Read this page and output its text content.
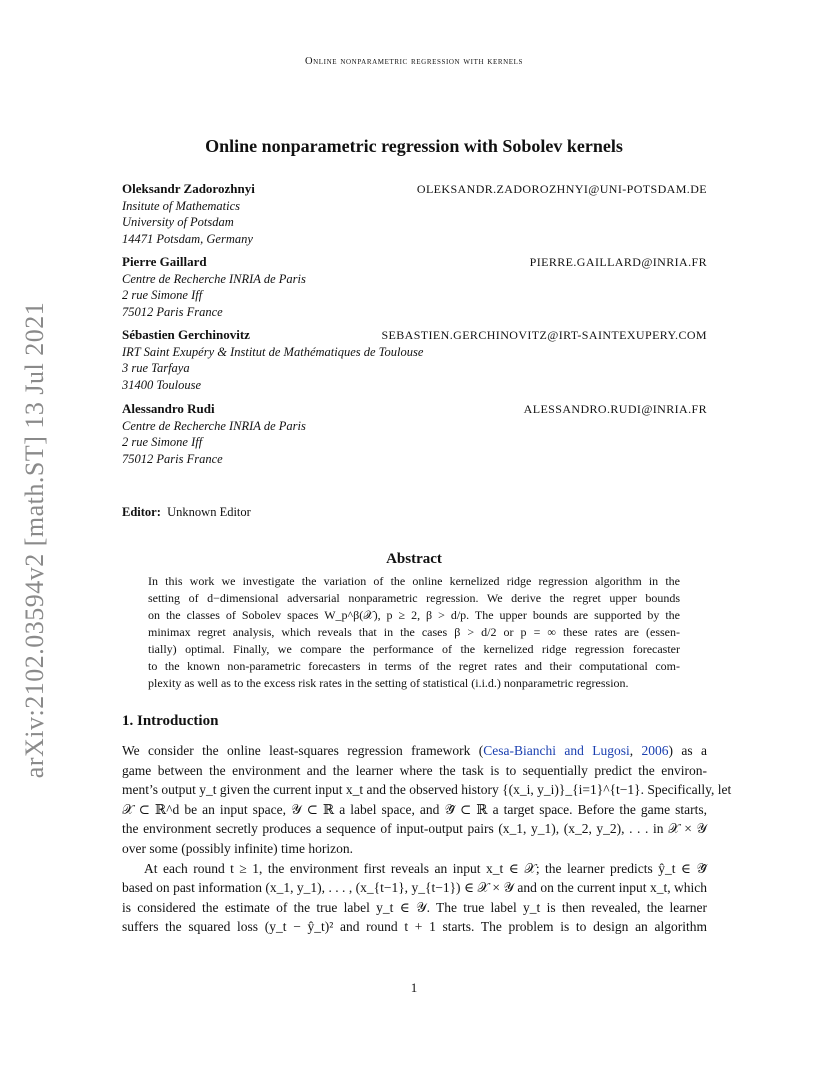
Online nonparametric regression with kernels
arXiv:2102.03594v2 [math.ST] 13 Jul 2021
Online nonparametric regression with Sobolev kernels
Oleksandr Zadorozhnyi	OLEKSANDR.ZADOROZHNYI@UNI-POTSDAM.DE
Insitute of Mathematics
University of Potsdam
14471 Potsdam, Germany
Pierre Gaillard	PIERRE.GAILLARD@INRIA.FR
Centre de Recherche INRIA de Paris
2 rue Simone Iff
75012 Paris France
Sébastien Gerchinovitz	SEBASTIEN.GERCHINOVITZ@IRT-SAINTEXUPERY.COM
IRT Saint Exupéry & Institut de Mathématiques de Toulouse
3 rue Tarfaya
31400 Toulouse
Alessandro Rudi	ALESSANDRO.RUDI@INRIA.FR
Centre de Recherche INRIA de Paris
2 rue Simone Iff
75012 Paris France
Editor: Unknown Editor
Abstract
In this work we investigate the variation of the online kernelized ridge regression algorithm in the
setting of d−dimensional adversarial nonparametric regression. We derive the regret upper bounds
on the classes of Sobolev spaces W_p^β(𝒳), p ≥ 2, β > d/p. The upper bounds are supported by the
minimax regret analysis, which reveals that in the cases β > d/2 or p = ∞ these rates are (essen-
tially) optimal. Finally, we compare the performance of the kernelized ridge regression forecaster
to the known non-parametric forecasters in terms of the regret rates and their computational com-
plexity as well as to the excess risk rates in the setting of statistical (i.i.d.) nonparametric regression.
1. Introduction
We consider the online least-squares regression framework (Cesa-Bianchi and Lugosi, 2006) as a
game between the environment and the learner where the task is to sequentially predict the environ-
ment’s output y_t given the current input x_t and the observed history {(x_i, y_i)}_{i=1}^{t−1}. Specifically, let
𝒳 ⊂ ℝ^d be an input space, 𝒴 ⊂ ℝ a label space, and 𝒴̂ ⊂ ℝ a target space. Before the game starts,
the environment secretly produces a sequence of input-output pairs (x_1, y_1), (x_2, y_2), . . . in 𝒳 × 𝒴
over some (possibly infinite) time horizon.
At each round t ≥ 1, the environment first reveals an input x_t ∈ 𝒳; the learner predicts ŷ_t ∈ 𝒴̂
based on past information (x_1, y_1), . . . , (x_{t−1}, y_{t−1}) ∈ 𝒳 × 𝒴 and on the current input x_t, which
is considered the estimate of the true label y_t ∈ 𝒴. The true label y_t is then revealed, the learner
suffers the squared loss (y_t − ŷ_t)² and round t + 1 starts. The problem is to design an algorithm
1
